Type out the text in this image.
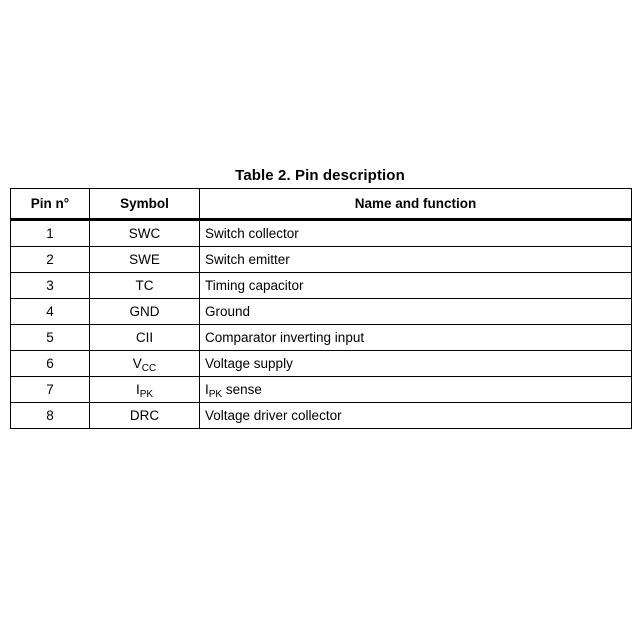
Table 2. Pin description
Pin n°	Symbol	Name and function
1	SWC	Switch collector
2	SWE	Switch emitter
3	TC	Timing capacitor
4	GND	Ground
5	CII	Comparator inverting input
6	$V_{CC}$	Voltage supply
7	$I_{PK}$	$I_{PK}$ sense
8	DRC	Voltage driver collector
